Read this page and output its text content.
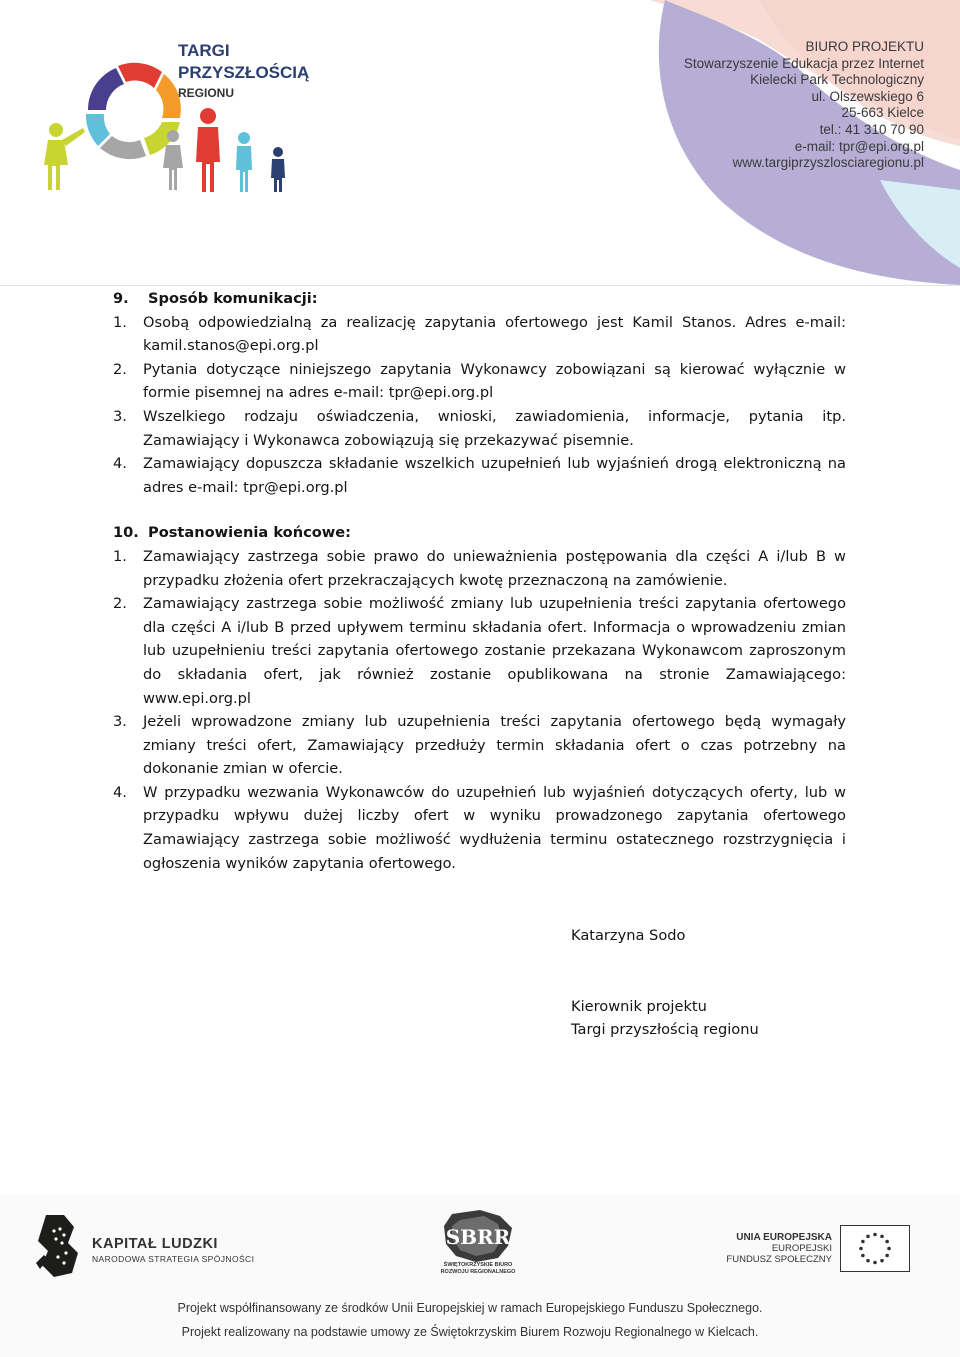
TARGI
PRZYSZŁOŚCIĄ
REGIONU
BIURO PROJEKTU
Stowarzyszenie Edukacja przez Internet
Kielecki Park Technologiczny
ul. Olszewskiego 6
25-663 Kielce
tel.: 41 310 70 90
e-mail: tpr@epi.org.pl
www.targiprzyszlosciaregionu.pl

9. Sposób komunikacji:

1.	Osobą odpowiedzialną za realizację zapytania ofertowego jest Kamil Stanos. Adres e-mail: kamil.stanos@epi.org.pl
2.	Pytania dotyczące niniejszego zapytania Wykonawcy zobowiązani są kierować wyłącznie w formie pisemnej na adres e-mail: tpr@epi.org.pl
3.	Wszelkiego rodzaju oświadczenia, wnioski, zawiadomienia, informacje, pytania itp. Zamawiający i Wykonawca zobowiązują się przekazywać pisemnie.
4.	Zamawiający dopuszcza składanie wszelkich uzupełnień lub wyjaśnień drogą elektroniczną na adres e-mail: tpr@epi.org.pl

10. Postanowienia końcowe:

1.	Zamawiający zastrzega sobie prawo do unieważnienia postępowania dla części A i/lub B w przypadku złożenia ofert przekraczających kwotę przeznaczoną na zamówienie.
2.	Zamawiający zastrzega sobie możliwość zmiany lub uzupełnienia treści zapytania ofertowego dla części A i/lub B przed upływem terminu składania ofert. Informacja o wprowadzeniu zmian lub uzupełnieniu treści zapytania ofertowego zostanie przekazana Wykonawcom zaproszonym do składania ofert, jak również zostanie opublikowana na stronie Zamawiającego: www.epi.org.pl
3.	Jeżeli wprowadzone zmiany lub uzupełnienia treści zapytania ofertowego będą wymagały zmiany treści ofert, Zamawiający przedłuży termin składania ofert o czas potrzebny na dokonanie zmian w ofercie.
4.	W przypadku wezwania Wykonawców do uzupełnień lub wyjaśnień dotyczących oferty, lub w przypadku wpływu dużej liczby ofert w wyniku prowadzonego zapytania ofertowego Zamawiający zastrzega sobie możliwość wydłużenia terminu ostatecznego rozstrzygnięcia i ogłoszenia wyników zapytania ofertowego.
Katarzyna Sodo
Kierownik projektu
Targi przyszłością regionu
KAPITAŁ LUDZKI
NARODOWA STRATEGIA SPÓJNOŚCI
SBRR
ŚWIĘTOKRZYSKIE BIURO ROZWOJU REGIONALNEGO
UNIA EUROPEJSKA
EUROPEJSKI
FUNDUSZ SPOŁECZNY
Projekt współfinansowany ze środków Unii Europejskiej w ramach Europejskiego Funduszu Społecznego.
Projekt realizowany na podstawie umowy ze Świętokrzyskim Biurem Rozwoju Regionalnego w Kielcach.
